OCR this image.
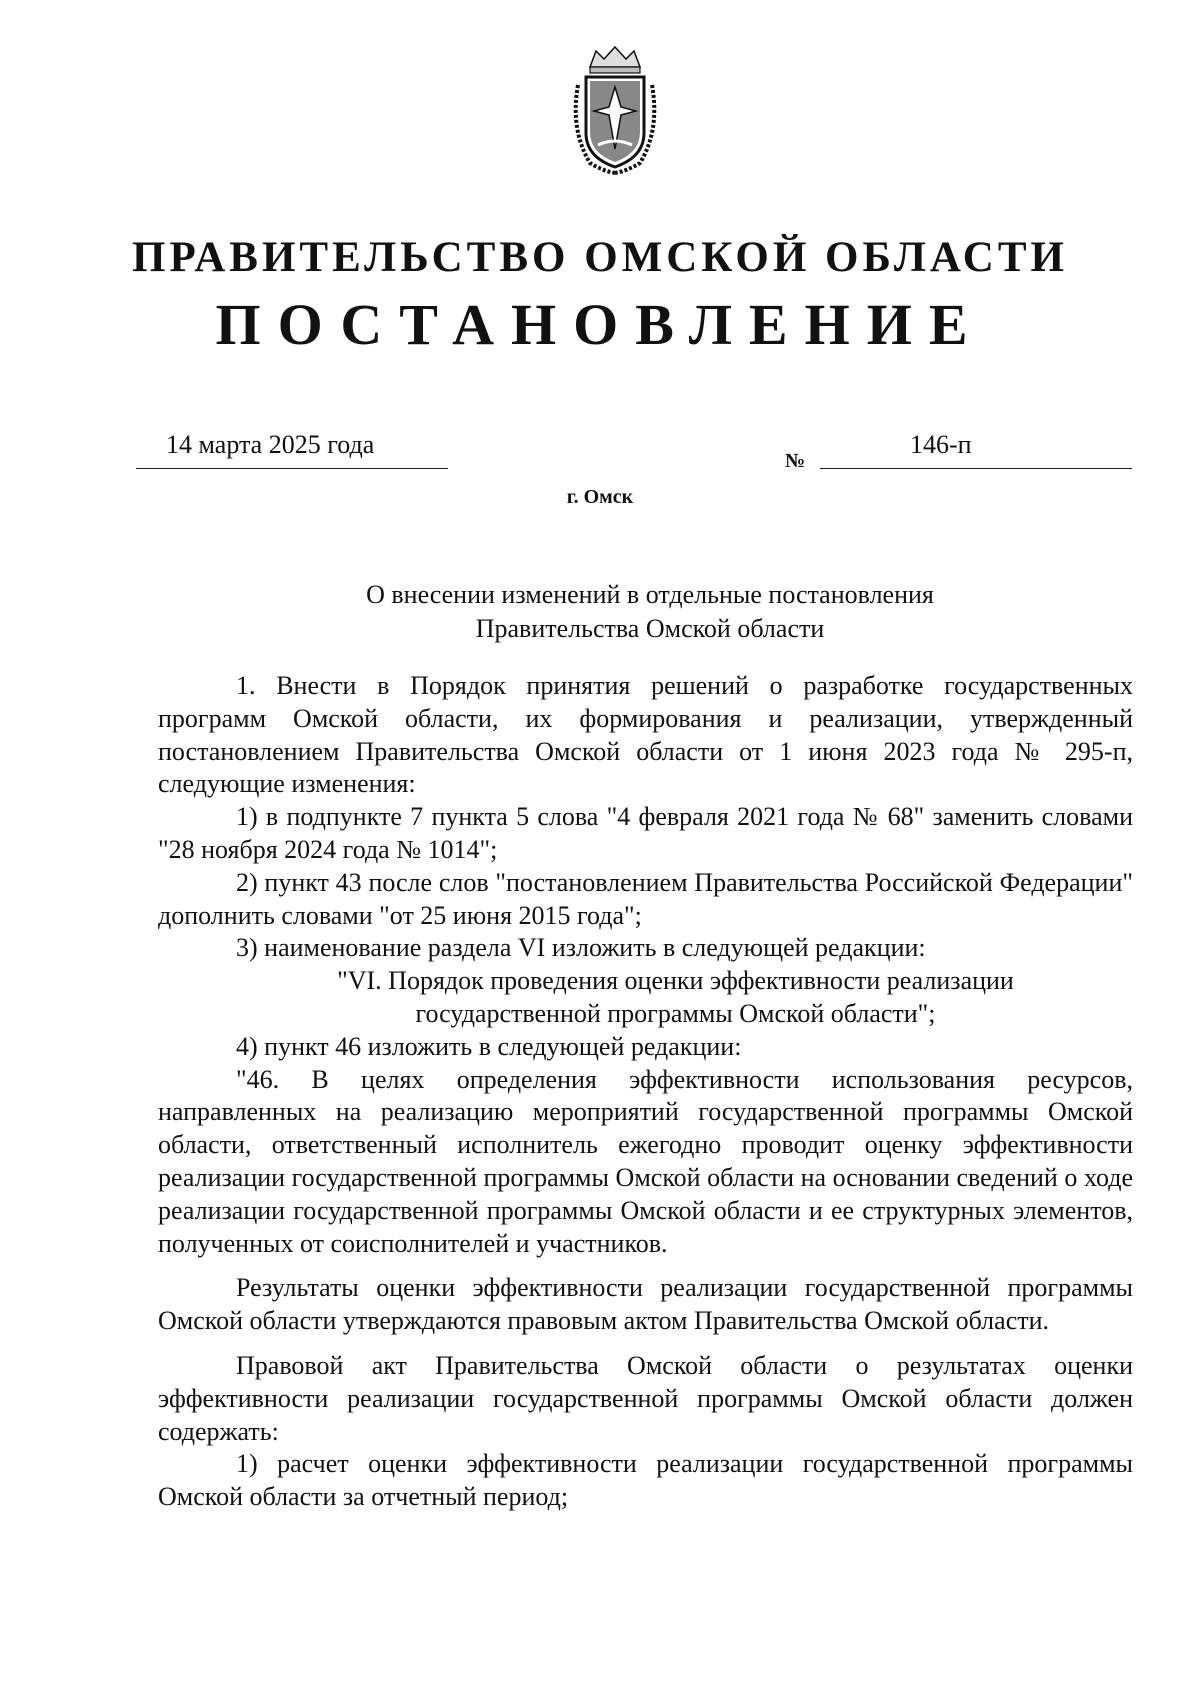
ПРАВИТЕЛЬСТВО ОМСКОЙ ОБЛАСТИ
ПОСТАНОВЛЕНИЕ
14 марта 2025 года
№
146-п
г. Омск
О внесении изменений в отдельные постановления
Правительства Омской области

1. Внести в Порядок принятия решений о разработке государственных программ Омской области, их формирования и реализации, утвержденный постановлением Правительства Омской области от 1 июня 2023 года № 295-п, следующие изменения:

1) в подпункте 7 пункта 5 слова "4 февраля 2021 года № 68" заменить словами "28 ноября 2024 года № 1014";

2) пункт 43 после слов "постановлением Правительства Российской Федерации" дополнить словами "от 25 июня 2015 года";

3) наименование раздела VI изложить в следующей редакции:

"VI. Порядок проведения оценки эффективности реализации
государственной программы Омской области";

4) пункт 46 изложить в следующей редакции:

"46. В целях определения эффективности использования ресурсов, направленных на реализацию мероприятий государственной программы Омской области, ответственный исполнитель ежегодно проводит оценку эффективности реализации государственной программы Омской области на основании сведений о ходе реализации государственной программы Омской области и ее структурных элементов, полученных от соисполнителей и участников.

Результаты оценки эффективности реализации государственной программы Омской области утверждаются правовым актом Правительства Омской области.

Правовой акт Правительства Омской области о результатах оценки эффективности реализации государственной программы Омской области должен содержать:

1) расчет оценки эффективности реализации государственной программы Омской области за отчетный период;
